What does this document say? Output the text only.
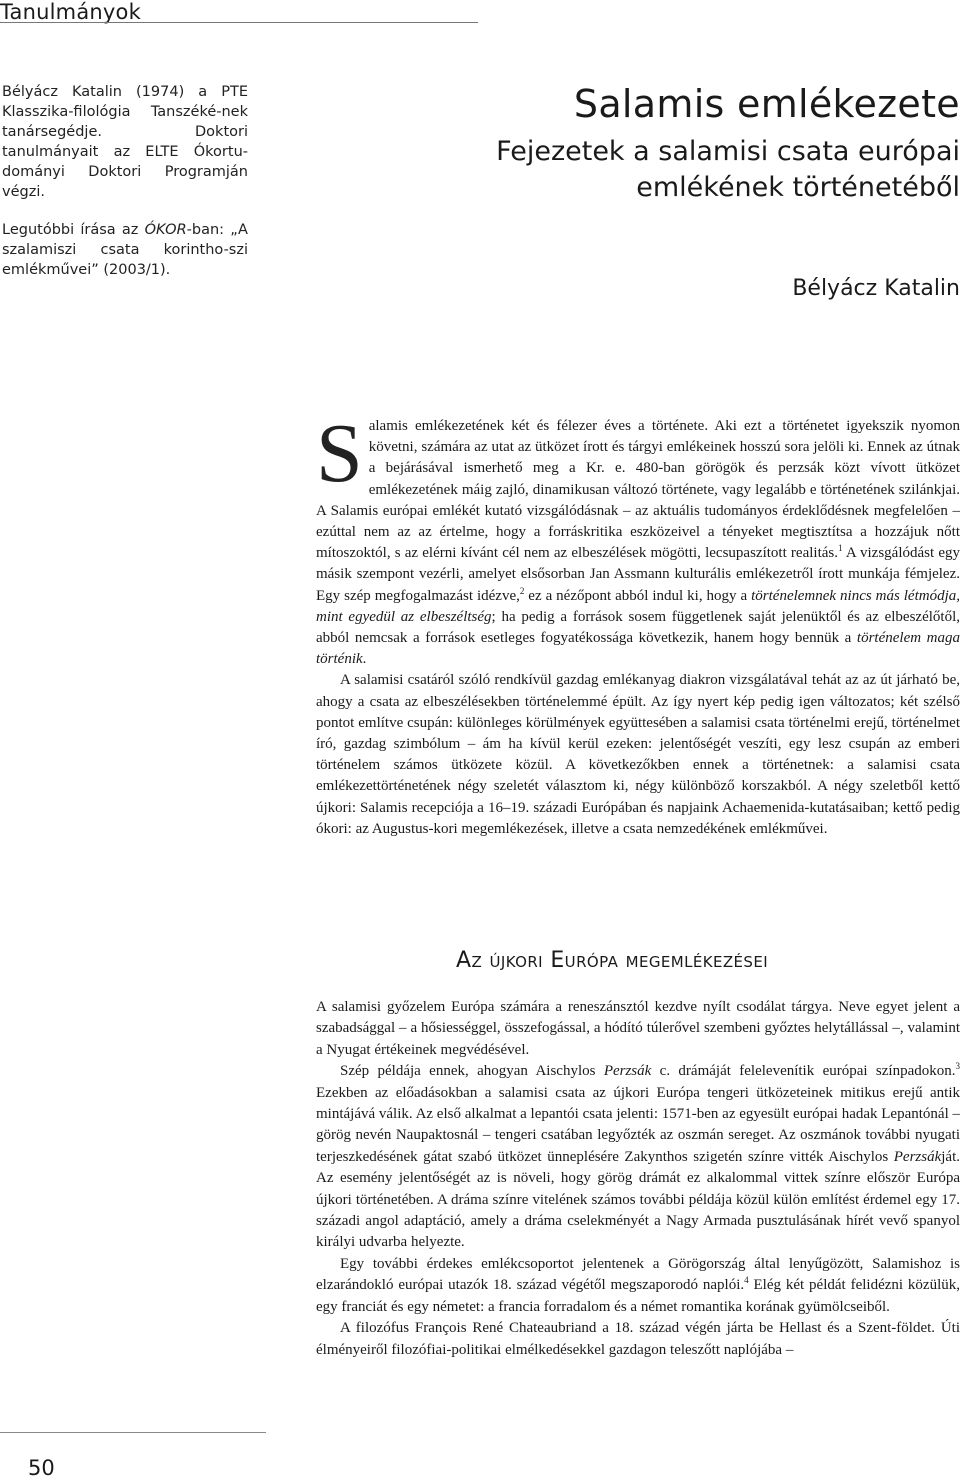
Tanulmányok

Bélyácz Katalin (1974) a PTE Klasszika-filológia Tanszéké-nek tanársegédje. Doktori tanulmányait az ELTE Ókortu-dományi Doktori Programján végzi.

Legutóbbi írása az ÓKOR-ban: „A szalamiszi csata korintho-szi emlékművei” (2003/1).

Salamis emlékezete
Fejezetek a salamisi csata európai
emlékének történetéből
Bélyácz Katalin

Salamis emlékezetének két és félezer éves a története. Aki ezt a történetet igyekszik nyomon követni, számára az utat az ütközet írott és tárgyi emlékeinek hosszú sora jelöli ki. Ennek az útnak a bejárásával ismerhető meg a Kr. e. 480-ban görögök és perzsák közt vívott ütközet emlékezetének máig zajló, dinamikusan változó története, vagy legalább e történetének szilánkjai. A Salamis európai emlékét kutató vizsgálódásnak – az aktuális tudományos érdeklődésnek megfelelően – ezúttal nem az az értelme, hogy a forráskritika eszközeivel a tényeket megtisztítsa a hozzájuk nőtt mítoszoktól, s az elérni kívánt cél nem az elbeszélések mögötti, lecsupaszított realitás.$^1$ A vizsgálódást egy másik szempont vezérli, amelyet elsősorban Jan Assmann kulturális emlékezetről írott munkája fémjelez. Egy szép megfogalmazást idézve,$^2$ ez a nézőpont abból indul ki, hogy a történelemnek nincs más létmódja, mint egyedül az elbeszéltség; ha pedig a források sosem függetlenek saját jelenüktől és az elbeszélőtől, abból nemcsak a források esetleges fogyatékossága következik, hanem hogy bennük a történelem maga történik.

A salamisi csatáról szóló rendkívül gazdag emlékanyag diakron vizsgálatával tehát az az út járható be, ahogy a csata az elbeszélésekben történelemmé épült. Az így nyert kép pedig igen változatos; két szélső pontot említve csupán: különleges körülmények együttesében a salamisi csata történelmi erejű, történelmet író, gazdag szimbólum – ám ha kívül kerül ezeken: jelentőségét veszíti, egy lesz csupán az emberi történelem számos ütközete közül. A következőkben ennek a történetnek: a salamisi csata emlékezettörténetének négy szeletét választom ki, négy különböző korszakból. A négy szeletből kettő újkori: Salamis recepciója a 16–19. századi Európában és napjaink Achaemenida-kutatásaiban; kettő pedig ókori: az Augustus-kori megemlékezések, illetve a csata nemzedékének emlékművei.

Az újkori Európa megemlékezései

A salamisi győzelem Európa számára a reneszánsztól kezdve nyílt csodálat tárgya. Neve egyet jelent a szabadsággal – a hősiességgel, összefogással, a hódító túlerővel szembeni győztes helytállással –, valamint a Nyugat értékeinek megvédésével.

Szép példája ennek, ahogyan Aischylos Perzsák c. drámáját felelevenítik európai színpadokon.$^3$ Ezekben az előadásokban a salamisi csata az újkori Európa tengeri ütközeteinek mitikus erejű antik mintájává válik. Az első alkalmat a lepantói csata jelenti: 1571-ben az egyesült európai hadak Lepantónál – görög nevén Naupaktosnál – tengeri csatában legyőzték az oszmán sereget. Az oszmánok további nyugati terjeszkedésének gátat szabó ütközet ünneplésére Zakynthos szigetén színre vitték Aischylos Perzsákját. Az esemény jelentőségét az is növeli, hogy görög drámát ez alkalommal vittek színre először Európa újkori történetében. A dráma színre vitelének számos további példája közül külön említést érdemel egy 17. századi angol adaptáció, amely a dráma cselekményét a Nagy Armada pusztulásának hírét vevő spanyol királyi udvarba helyezte.

Egy további érdekes emlékcsoportot jelentenek a Görögország által lenyűgözött, Salamishoz is elzarándokló európai utazók 18. század végétől megszaporodó naplói.$^4$ Elég két példát felidézni közülük, egy franciát és egy németet: a francia forradalom és a német romantika korának gyümölcseiből.

A filozófus François René Chateaubriand a 18. század végén járta be Hellast és a Szent-földet. Úti élményeiről filozófiai-politikai elmélkedésekkel gazdagon teleszőtt naplójába –

50
